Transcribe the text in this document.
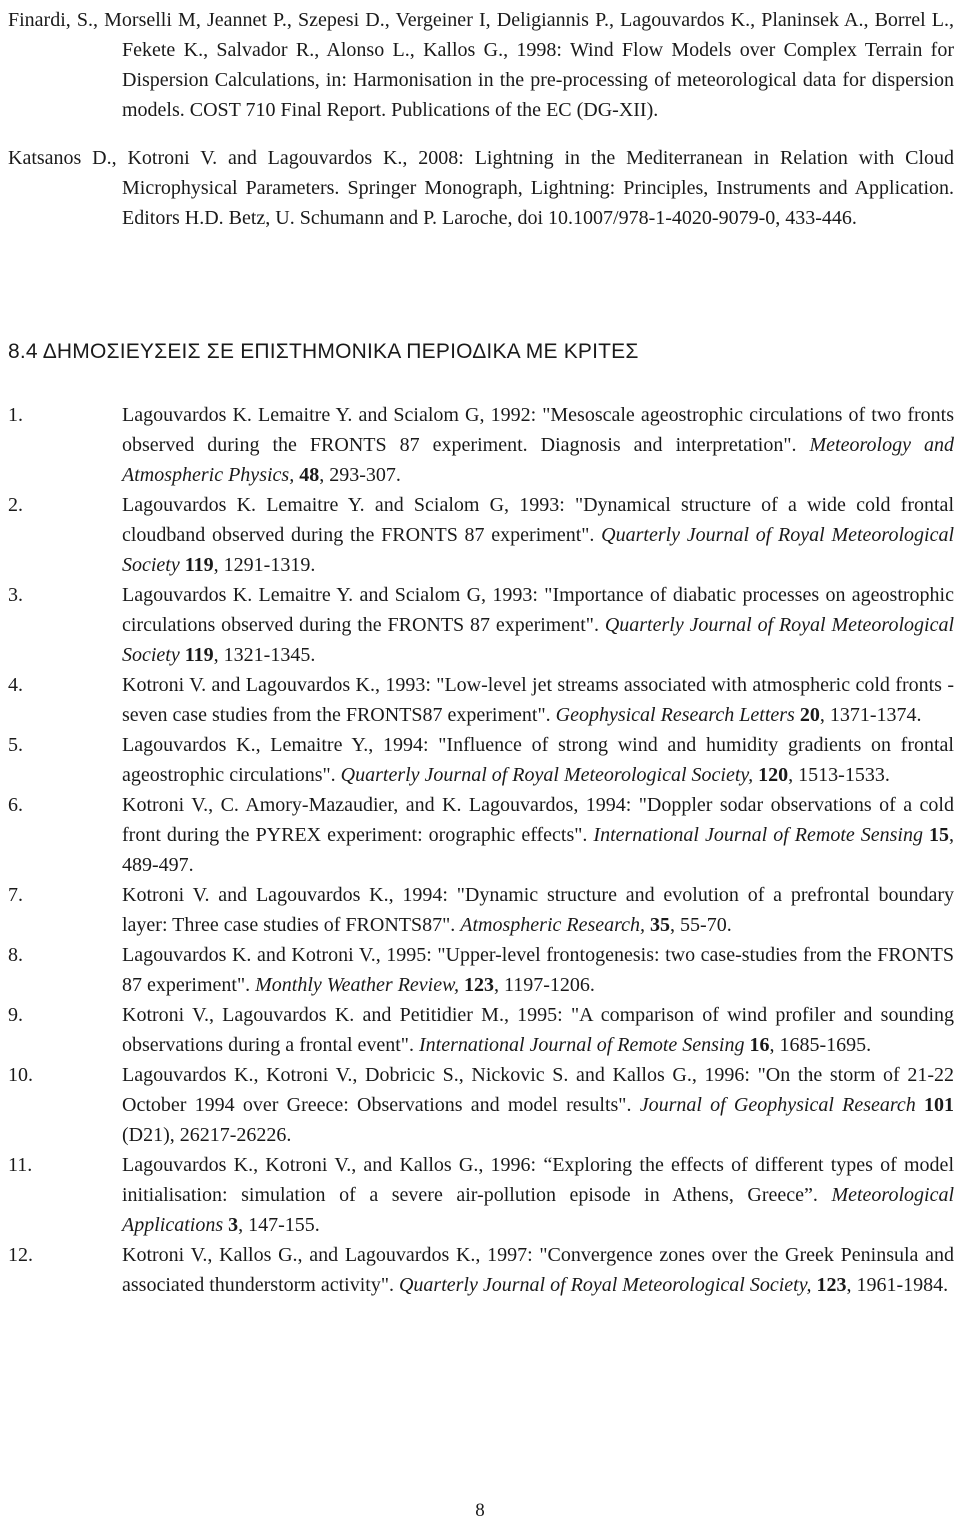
Finardi, S., Morselli M, Jeannet P., Szepesi D., Vergeiner I, Deligiannis P., Lagouvardos K., Planinsek A., Borrel L., Fekete K., Salvador R., Alonso L., Kallos G., 1998: Wind Flow Models over Complex Terrain for Dispersion Calculations, in: Harmonisation in the pre-processing of meteorological data for dispersion models. COST 710 Final Report. Publications of the EC (DG-XII).
Katsanos D., Kotroni V. and Lagouvardos K., 2008: Lightning in the Mediterranean in Relation with Cloud Microphysical Parameters. Springer Monograph, Lightning: Principles, Instruments and Application. Editors H.D. Betz, U. Schumann and P. Laroche, doi 10.1007/978-1-4020-9079-0, 433-446.
8.4 ΔΗΜΟΣΙΕΥΣΕΙΣ ΣΕ ΕΠΙΣΤΗΜΟΝΙΚΑ ΠΕΡΙΟΔΙΚΑ ΜΕ ΚΡΙΤΕΣ
1.	Lagouvardos K. Lemaitre Y. and Scialom G, 1992: "Mesoscale ageostrophic circulations of two fronts observed during the FRONTS 87 experiment. Diagnosis and interpretation". Meteorology and Atmospheric Physics, 48, 293-307.
2.	Lagouvardos K. Lemaitre Y. and Scialom G, 1993: "Dynamical structure of a wide cold frontal cloudband observed during the FRONTS 87 experiment". Quarterly Journal of Royal Meteorological Society 119, 1291-1319.
3.	Lagouvardos K. Lemaitre Y. and Scialom G, 1993: "Importance of diabatic processes on ageostrophic circulations observed during the FRONTS 87 experiment". Quarterly Journal of Royal Meteorological Society 119, 1321-1345.
4.	Kotroni V. and Lagouvardos K., 1993: "Low-level jet streams associated with atmospheric cold fronts - seven case studies from the FRONTS87 experiment". Geophysical Research Letters 20, 1371-1374.
5.	Lagouvardos K., Lemaitre Y., 1994: "Influence of strong wind and humidity gradients on frontal ageostrophic circulations". Quarterly Journal of Royal Meteorological Society, 120, 1513-1533.
6.	Kotroni V., C. Amory-Mazaudier, and K. Lagouvardos, 1994: "Doppler sodar observations of a cold front during the PYREX experiment: orographic effects". International Journal of Remote Sensing 15, 489-497.
7.	Kotroni V. and Lagouvardos K., 1994: "Dynamic structure and evolution of a prefrontal boundary layer: Three case studies of FRONTS87". Atmospheric Research, 35, 55-70.
8.	Lagouvardos K. and Kotroni V., 1995: "Upper-level frontogenesis: two case-studies from the FRONTS 87 experiment". Monthly Weather Review, 123, 1197-1206.
9.	Kotroni V., Lagouvardos K. and Petitidier M., 1995: "A comparison of wind profiler and sounding observations during a frontal event". International Journal of Remote Sensing 16, 1685-1695.
10.	Lagouvardos K., Kotroni V., Dobricic S., Nickovic S. and Kallos G., 1996: "On the storm of 21-22 October 1994 over Greece: Observations and model results". Journal of Geophysical Research 101 (D21), 26217-26226.
11.	Lagouvardos K., Kotroni V., and Kallos G., 1996: “Exploring the effects of different types of model initialisation: simulation of a severe air-pollution episode in Athens, Greece”. Meteorological Applications 3, 147-155.
12.	Kotroni V., Kallos G., and Lagouvardos K., 1997: "Convergence zones over the Greek Peninsula and associated thunderstorm activity". Quarterly Journal of Royal Meteorological Society, 123, 1961-1984.
8
